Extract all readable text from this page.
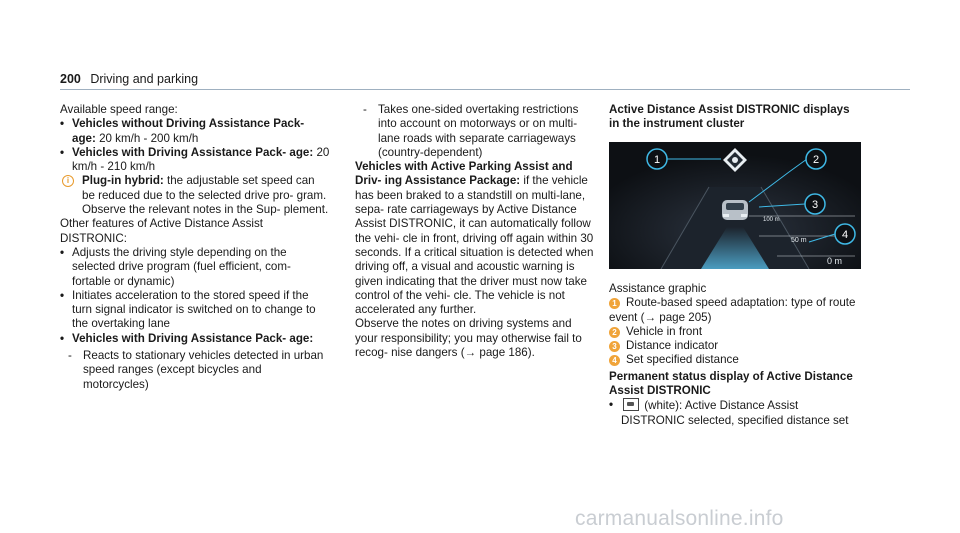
200 Driving and parking

Available speed range:

• Vehicles without Driving Assistance Pack‐ age: 20 km/h - 200 km/h

• Vehicles with Driving Assistance Pack‐ age: 20 km/h - 210 km/h

i	Plug-in hybrid: the adjustable set speed can be reduced due to the selected drive pro‐ gram. Observe the relevant notes in the Sup‐ plement.

Other features of Active Distance Assist DISTRONIC:

• Adjusts the driving style depending on the selected drive program (fuel efficient, com‐ fortable or dynamic)

• Initiates acceleration to the stored speed if the turn signal indicator is switched on to change to the overtaking lane

• Vehicles with Driving Assistance Pack‐ age:

- Reacts to stationary vehicles detected in urban speed ranges (except bicycles and motorcycles)

- Takes one-sided overtaking restrictions into account on motorways or on multi‐ lane roads with separate carriageways (country-dependent)

Vehicles with Active Parking Assist and Driv‐ ing Assistance Package: if the vehicle has been braked to a standstill on multi-lane, sepa‐ rate carriageways by Active Distance Assist DISTRONIC, it can automatically follow the vehi‐ cle in front, driving off again within 30 seconds. If a critical situation is detected when driving off, a visual and acoustic warning is given indicating that the driver must now take control of the vehi‐ cle. The vehicle is not accelerated any further.

Observe the notes on driving systems and your responsibility; you may otherwise fail to recog‐ nise dangers (→ page 186).

Active Distance Assist DISTRONIC displays in the instrument cluster

100 m
50 m
0 m
1	2
3
4

Assistance graphic

1 Route-based speed adaptation: type of route event (→ page 205)

2 Vehicle in front

3 Distance indicator

4 Set specified distance

Permanent status display of Active Distance Assist DISTRONIC

• (white): Active Distance Assist DISTRONIC selected, specified distance set

carmanualsonline.info
